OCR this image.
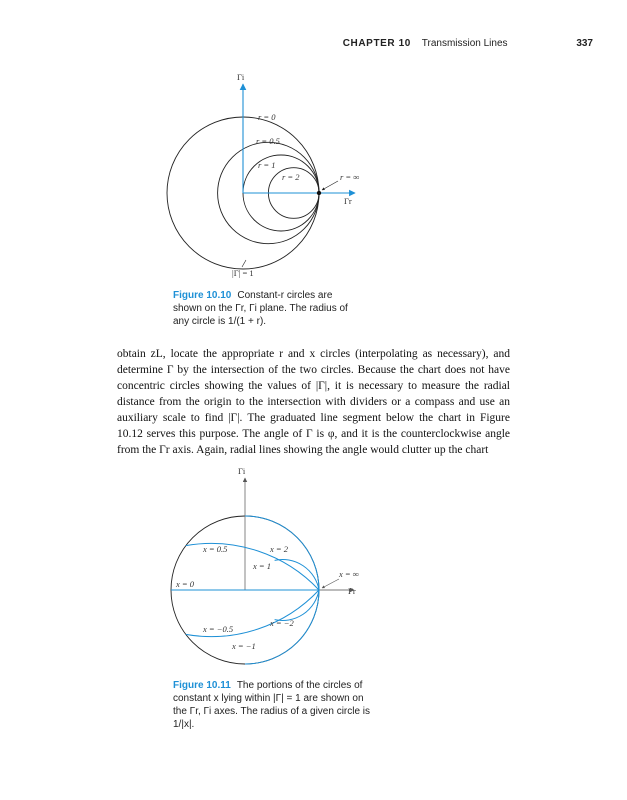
CHAPTER 10 Transmission Lines	337
Γi
Γr
r = 0
r = 0.5
r = 1
r = 2	r = ∞
|Γ| = 1
Figure 10.10 Constant-r circles are shown on the Γr, Γi plane. The radius of any circle is 1/(1 + r).

obtain zL, locate the appropriate r and x circles (interpolating as necessary), and determine Γ by the intersection of the two circles. Because the chart does not have concentric circles showing the values of |Γ|, it is necessary to measure the radial distance from the origin to the intersection with dividers or a compass and use an auxiliary scale to find |Γ|. The graduated line segment below the chart in Figure 10.12 serves this purpose. The angle of Γ is φ, and it is the counterclockwise angle from the Γr axis. Again, radial lines showing the angle would clutter up the chart

Γi
Γr
x = 0.5	x = 2
x = 1
x = ∞
x = 0
x = −0.5
x = −2
x = −1
Figure 10.11 The portions of the circles of constant x lying within |Γ| = 1 are shown on the Γr, Γi axes. The radius of a given circle is 1/|x|.
